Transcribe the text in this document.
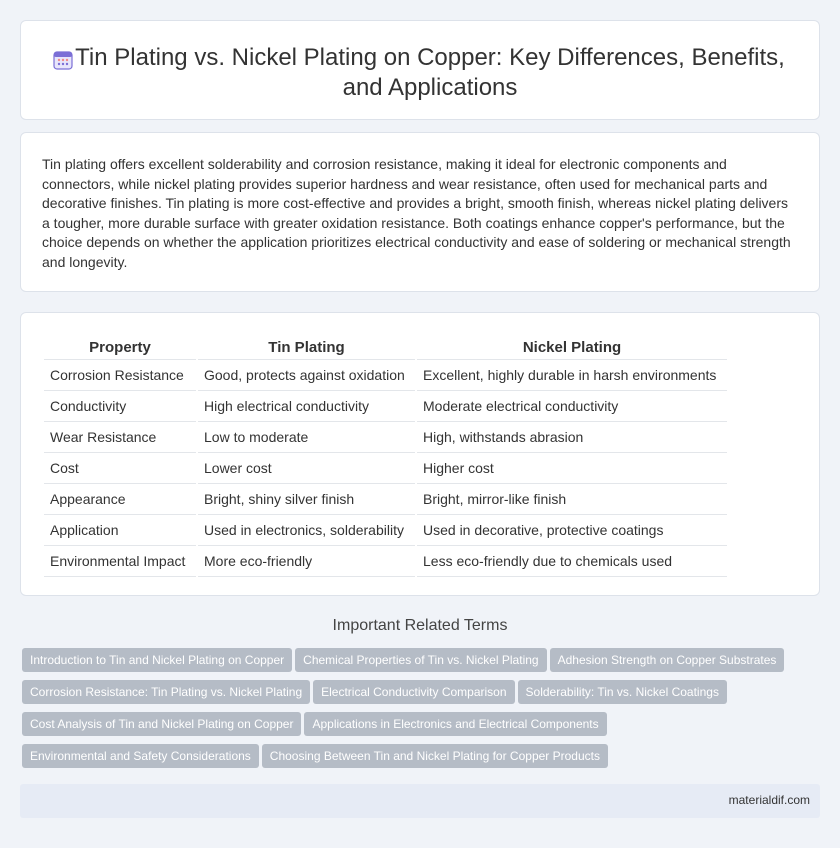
Tin Plating vs. Nickel Plating on Copper: Key Differences, Benefits, and Applications

Tin plating offers excellent solderability and corrosion resistance, making it ideal for electronic components and connectors, while nickel plating provides superior hardness and wear resistance, often used for mechanical parts and decorative finishes. Tin plating is more cost-effective and provides a bright, smooth finish, whereas nickel plating delivers a tougher, more durable surface with greater oxidation resistance. Both coatings enhance copper's performance, but the choice depends on whether the application prioritizes electrical conductivity and ease of soldering or mechanical strength and longevity.

Property	Tin Plating	Nickel Plating
Corrosion Resistance	Good, protects against oxidation	Excellent, highly durable in harsh environments
Conductivity	High electrical conductivity	Moderate electrical conductivity
Wear Resistance	Low to moderate	High, withstands abrasion
Cost	Lower cost	Higher cost
Appearance	Bright, shiny silver finish	Bright, mirror-like finish
Application	Used in electronics, solderability	Used in decorative, protective coatings
Environmental Impact	More eco-friendly	Less eco-friendly due to chemicals used
Important Related Terms
Introduction to Tin and Nickel Plating on Copper Chemical Properties of Tin vs. Nickel Plating Adhesion Strength on Copper Substrates
Corrosion Resistance: Tin Plating vs. Nickel Plating Electrical Conductivity Comparison Solderability: Tin vs. Nickel Coatings
Cost Analysis of Tin and Nickel Plating on Copper Applications in Electronics and Electrical Components
Environmental and Safety Considerations Choosing Between Tin and Nickel Plating for Copper Products
materialdif.com
